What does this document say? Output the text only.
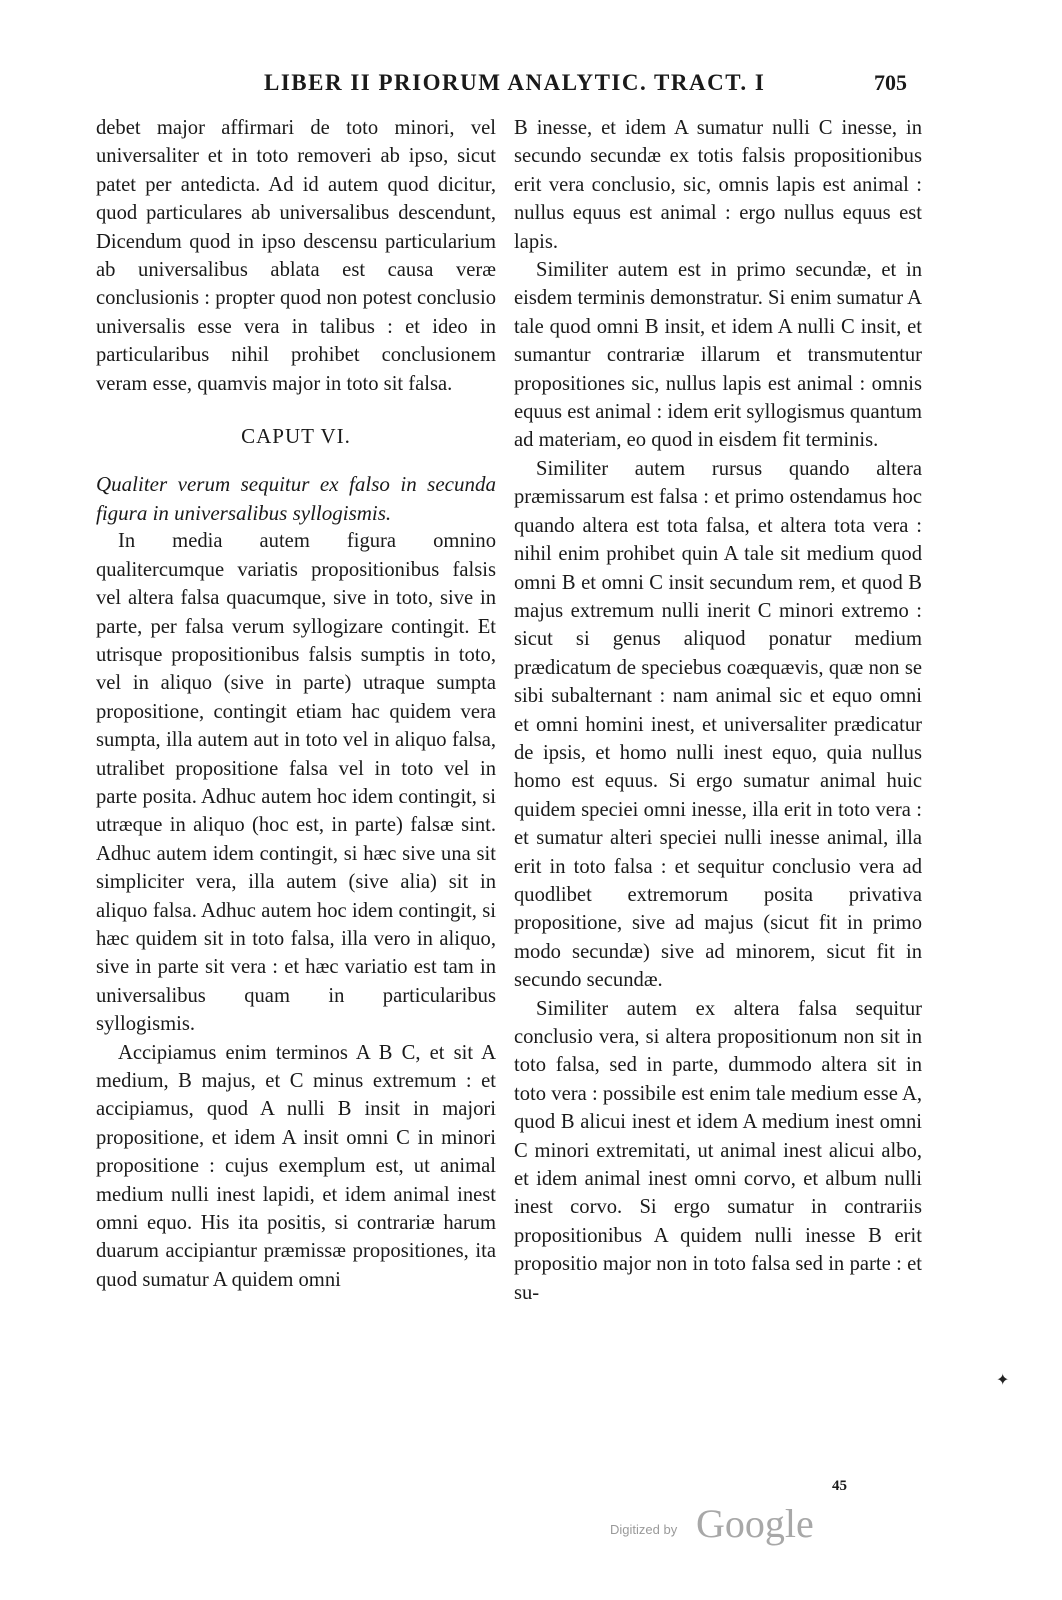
LIBER II PRIORUM ANALYTIC. TRACT. I	705

debet major affirmari de toto minori, vel universaliter et in toto removeri ab ipso, sicut patet per antedicta. Ad id autem quod dicitur, quod particulares ab universalibus descendunt, Dicendum quod in ipso descensu particularium ab universalibus ablata est causa veræ conclusionis : propter quod non potest conclusio universalis esse vera in talibus : et ideo in particularibus nihil prohibet conclusionem veram esse, quamvis major in toto sit falsa.

CAPUT VI.

Qualiter verum sequitur ex falso in secunda figura in universalibus syllogismis.

In media autem figura omnino qualitercumque variatis propositionibus falsis vel altera falsa quacumque, sive in toto, sive in parte, per falsa verum syllogizare contingit. Et utrisque propositionibus falsis sumptis in toto, vel in aliquo (sive in parte) utraque sumpta propositione, contingit etiam hac quidem vera sumpta, illa autem aut in toto vel in aliquo falsa, utralibet propositione falsa vel in toto vel in parte posita. Adhuc autem hoc idem contingit, si utræque in aliquo (hoc est, in parte) falsæ sint. Adhuc autem idem contingit, si hæc sive una sit simpliciter vera, illa autem (sive alia) sit in aliquo falsa. Adhuc autem hoc idem contingit, si hæc quidem sit in toto falsa, illa vero in aliquo, sive in parte sit vera : et hæc variatio est tam in universalibus quam in particularibus syllogismis.

Accipiamus enim terminos A B C, et sit A medium, B majus, et C minus extremum : et accipiamus, quod A nulli B insit in majori propositione, et idem A insit omni C in minori propositione : cujus exemplum est, ut animal medium nulli inest lapidi, et idem animal inest omni equo. His ita positis, si contrariæ harum duarum accipiantur præmissæ propositiones, ita quod sumatur A quidem omni

B inesse, et idem A sumatur nulli C inesse, in secundo secundæ ex totis falsis propositionibus erit vera conclusio, sic, omnis lapis est animal : nullus equus est animal : ergo nullus equus est lapis.

Similiter autem est in primo secundæ, et in eisdem terminis demonstratur. Si enim sumatur A tale quod omni B insit, et idem A nulli C insit, et sumantur contrariæ illarum et transmutentur propositiones sic, nullus lapis est animal : omnis equus est animal : idem erit syllogismus quantum ad materiam, eo quod in eisdem fit terminis.

Similiter autem rursus quando altera præmissarum est falsa : et primo ostendamus hoc quando altera est tota falsa, et altera tota vera : nihil enim prohibet quin A tale sit medium quod omni B et omni C insit secundum rem, et quod B majus extremum nulli inerit C minori extremo : sicut si genus aliquod ponatur medium prædicatum de speciebus coæquævis, quæ non se sibi subalternant : nam animal sic et equo omni et omni homini inest, et universaliter prædicatur de ipsis, et homo nulli inest equo, quia nullus homo est equus. Si ergo sumatur animal huic quidem speciei omni inesse, illa erit in toto vera : et sumatur alteri speciei nulli inesse animal, illa erit in toto falsa : et sequitur conclusio vera ad quodlibet extremorum posita privativa propositione, sive ad majus (sicut fit in primo modo secundæ) sive ad minorem, sicut fit in secundo secundæ.

Similiter autem ex altera falsa sequitur conclusio vera, si altera propositionum non sit in toto falsa, sed in parte, dummodo altera sit in toto vera : possibile est enim tale medium esse A, quod B alicui inest et idem A medium inest omni C minori extremitati, ut animal inest alicui albo, et idem animal inest omni corvo, et album nulli inest corvo. Si ergo sumatur in contrariis propositionibus A quidem nulli inesse B erit propositio major non in toto falsa sed in parte : et su-

✦
45
Digitized by Google
